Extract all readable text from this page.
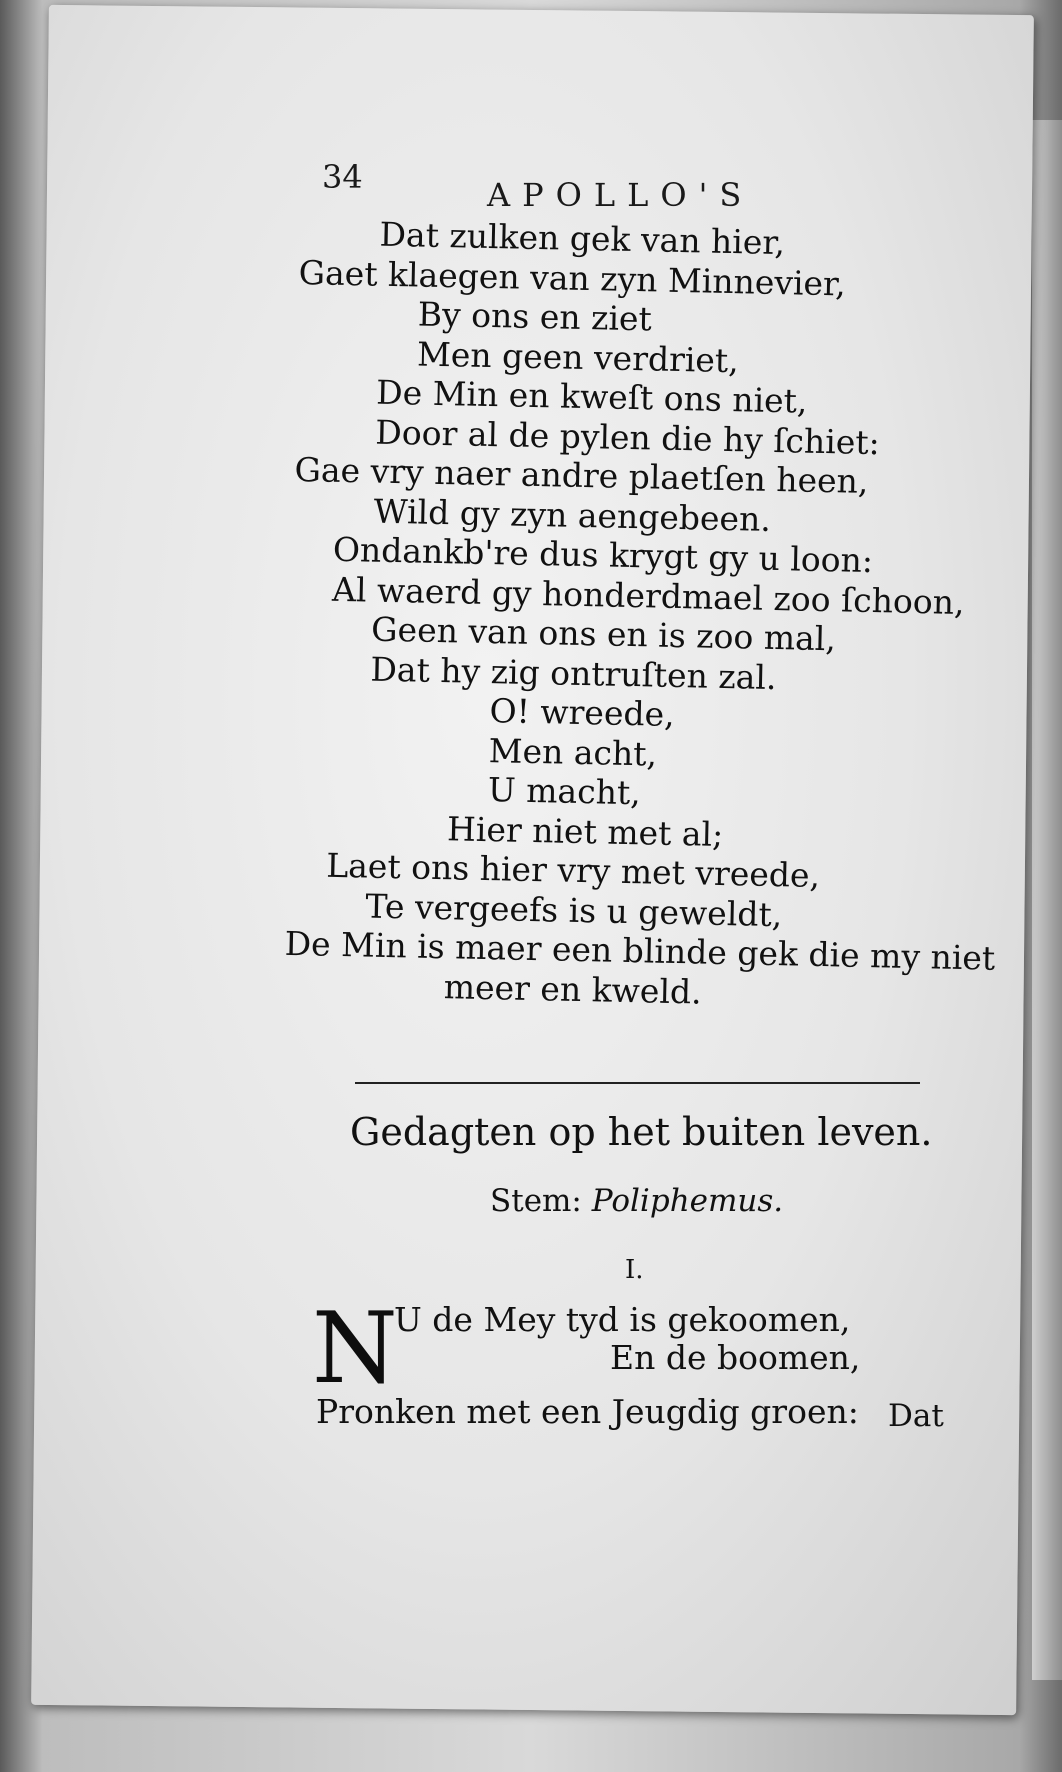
34	APOLLO'S
Dat zulken gek van hier,
Gaet klaegen van zyn Minnevier,
By ons en ziet
Men geen verdriet,
De Min en kweſt ons niet,
Door al de pylen die hy ſchiet:
Gae vry naer andre plaetſen heen,
Wild gy zyn aengebeen.
Ondankb're dus krygt gy u loon:
Al waerd gy honderdmael zoo ſchoon,
Geen van ons en is zoo mal,
Dat hy zig ontruſten zal.
O! wreede,
Men acht,
U macht,
Hier niet met al;
Laet ons hier vry met vreede,
Te vergeefs is u geweldt,
De Min is maer een blinde gek die my niet
meer en kweld.
Gedagten op het buiten leven.
Stem: Poliphemus.
I.
N
U de Mey tyd is gekoomen,
En de boomen,
Pronken met een Jeugdig groen: Dat
